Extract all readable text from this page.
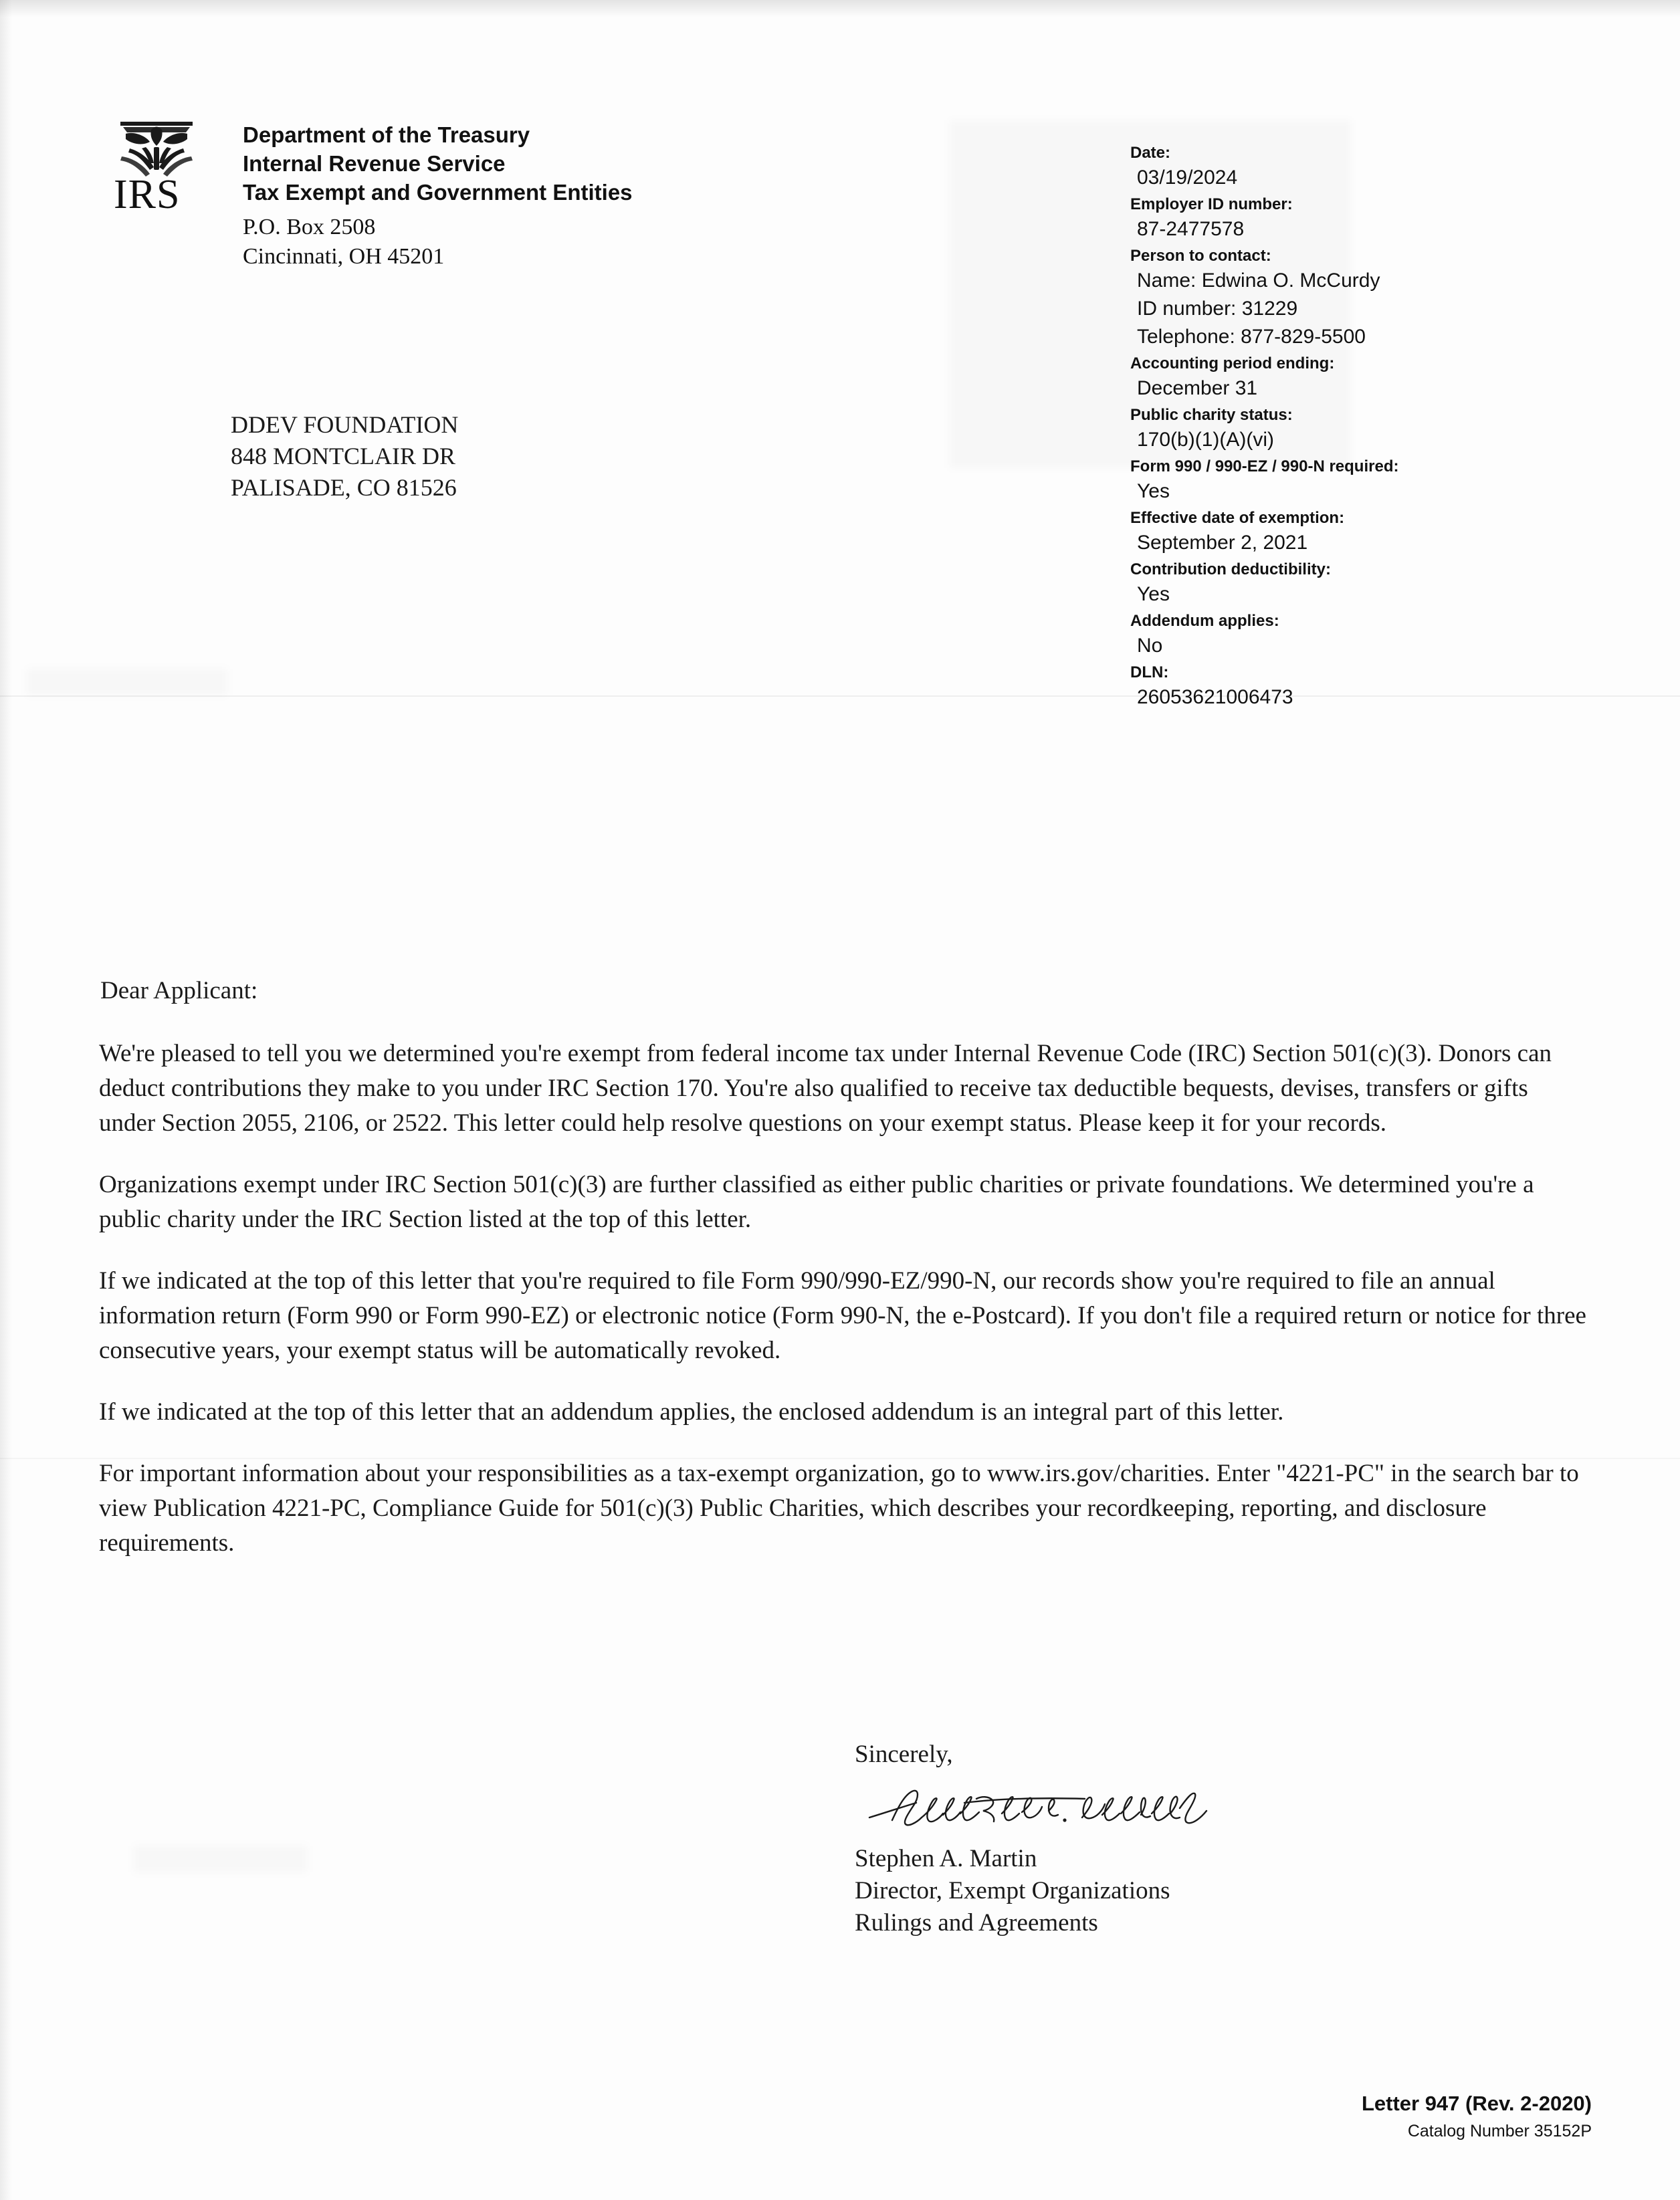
IRS
Department of the Treasury
Internal Revenue Service
Tax Exempt and Government Entities
P.O. Box 2508
Cincinnati, OH 45201
DDEV FOUNDATION
848 MONTCLAIR DR
PALISADE, CO 81526
Date:
03/19/2024
Employer ID number:
87-2477578
Person to contact:
Name: Edwina O. McCurdy
ID number: 31229
Telephone: 877-829-5500
Accounting period ending:
December 31
Public charity status:
170(b)(1)(A)(vi)
Form 990 / 990-EZ / 990-N required:
Yes
Effective date of exemption:
September 2, 2021
Contribution deductibility:
Yes
Addendum applies:
No
DLN:
26053621006473
Dear Applicant:
We're pleased to tell you we determined you're exempt from federal income tax under Internal Revenue Code (IRC) Section 501(c)(3). Donors can deduct contributions they make to you under IRC Section 170. You're also qualified to receive tax deductible bequests, devises, transfers or gifts under Section 2055, 2106, or 2522. This letter could help resolve questions on your exempt status. Please keep it for your records.
Organizations exempt under IRC Section 501(c)(3) are further classified as either public charities or private foundations. We determined you're a public charity under the IRC Section listed at the top of this letter.
If we indicated at the top of this letter that you're required to file Form 990/990-EZ/990-N, our records show you're required to file an annual information return (Form 990 or Form 990-EZ) or electronic notice (Form 990-N, the e-Postcard). If you don't file a required return or notice for three consecutive years, your exempt status will be automatically revoked.
If we indicated at the top of this letter that an addendum applies, the enclosed addendum is an integral part of this letter.
For important information about your responsibilities as a tax-exempt organization, go to www.irs.gov/charities. Enter "4221-PC" in the search bar to view Publication 4221-PC, Compliance Guide for 501(c)(3) Public Charities, which describes your recordkeeping, reporting, and disclosure requirements.
Sincerely,
Stephen A. Martin
Director, Exempt Organizations
Rulings and Agreements
Letter 947 (Rev. 2-2020)
Catalog Number 35152P
